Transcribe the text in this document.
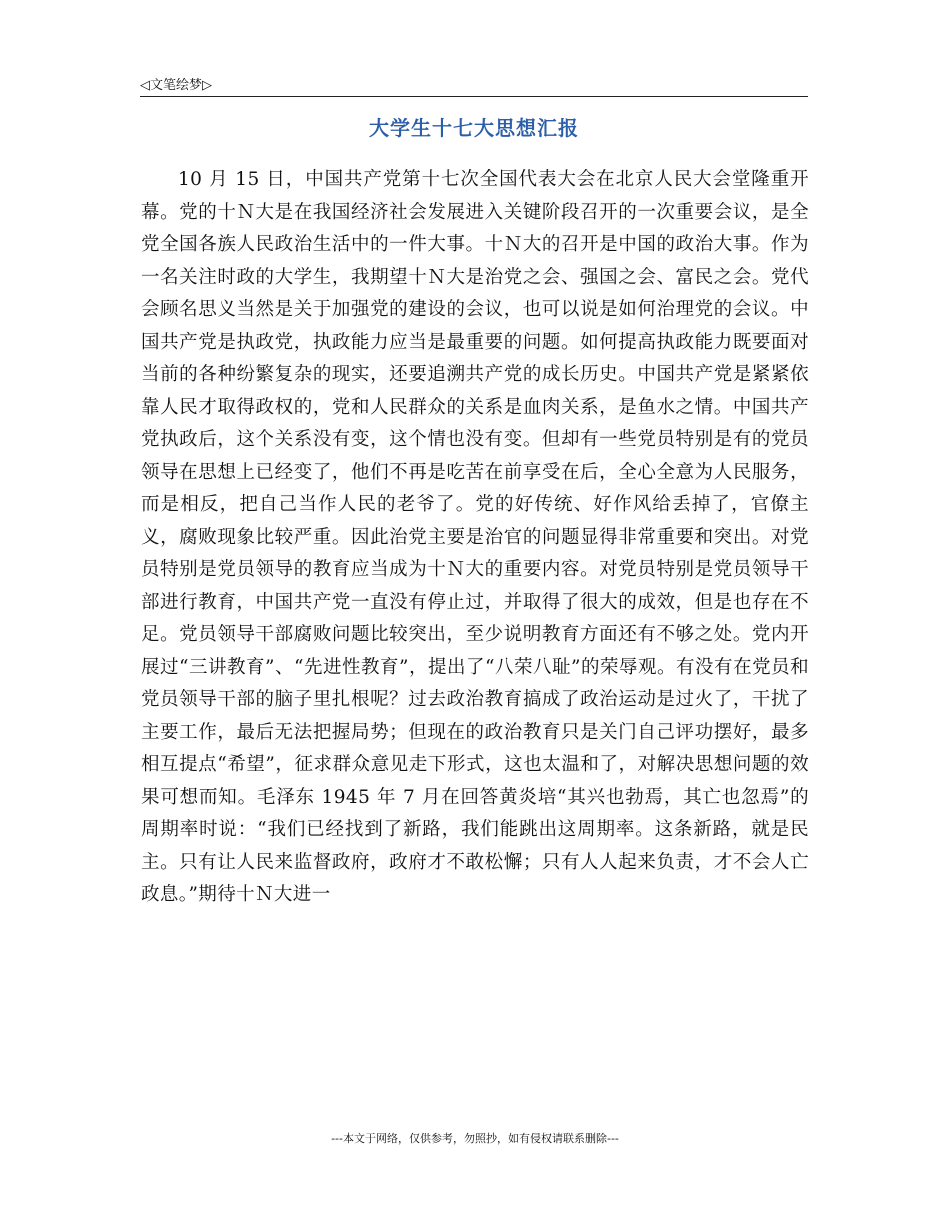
◁文笔绘梦▷
大学生十七大思想汇报

10 月 15 日，中国共产党第十七次全国代表大会在北京人民大会堂隆重开幕。党的十Ｎ大是在我国经济社会发展进入关键阶段召开的一次重要会议，是全党全国各族人民政治生活中的一件大事。十Ｎ大的召开是中国的政治大事。作为一名关注时政的大学生，我期望十Ｎ大是治党之会、强国之会、富民之会。党代会顾名思义当然是关于加强党的建设的会议，也可以说是如何治理党的会议。中国共产党是执政党，执政能力应当是最重要的问题。如何提高执政能力既要面对当前的各种纷繁复杂的现实，还要追溯共产党的成长历史。中国共产党是紧紧依靠人民才取得政权的，党和人民群众的关系是血肉关系，是鱼水之情。中国共产党执政后，这个关系没有变，这个情也没有变。但却有一些党员特别是有的党员领导在思想上已经变了，他们不再是吃苦在前享受在后，全心全意为人民服务，而是相反，把自己当作人民的老爷了。党的好传统、好作风给丢掉了，官僚主义，腐败现象比较严重。因此治党主要是治官的问题显得非常重要和突出。对党员特别是党员领导的教育应当成为十Ｎ大的重要内容。对党员特别是党员领导干部进行教育，中国共产党一直没有停止过，并取得了很大的成效，但是也存在不足。党员领导干部腐败问题比较突出，至少说明教育方面还有不够之处。党内开展过“三讲教育”、“先进性教育”，提出了“八荣八耻”的荣辱观。有没有在党员和党员领导干部的脑子里扎根呢？过去政治教育搞成了政治运动是过火了，干扰了主要工作，最后无法把握局势；但现在的政治教育只是关门自己评功摆好，最多相互提点“希望”，征求群众意见走下形式，这也太温和了，对解决思想问题的效果可想而知。毛泽东 1945 年 7 月在回答黄炎培“其兴也勃焉，其亡也忽焉”的周期率时说：“我们已经找到了新路，我们能跳出这周期率。这条新路，就是民主。只有让人民来监督政府，政府才不敢松懈；只有人人起来负责，才不会人亡政息。”期待十Ｎ大进一

---本文于网络，仅供参考，勿照抄，如有侵权请联系删除---
